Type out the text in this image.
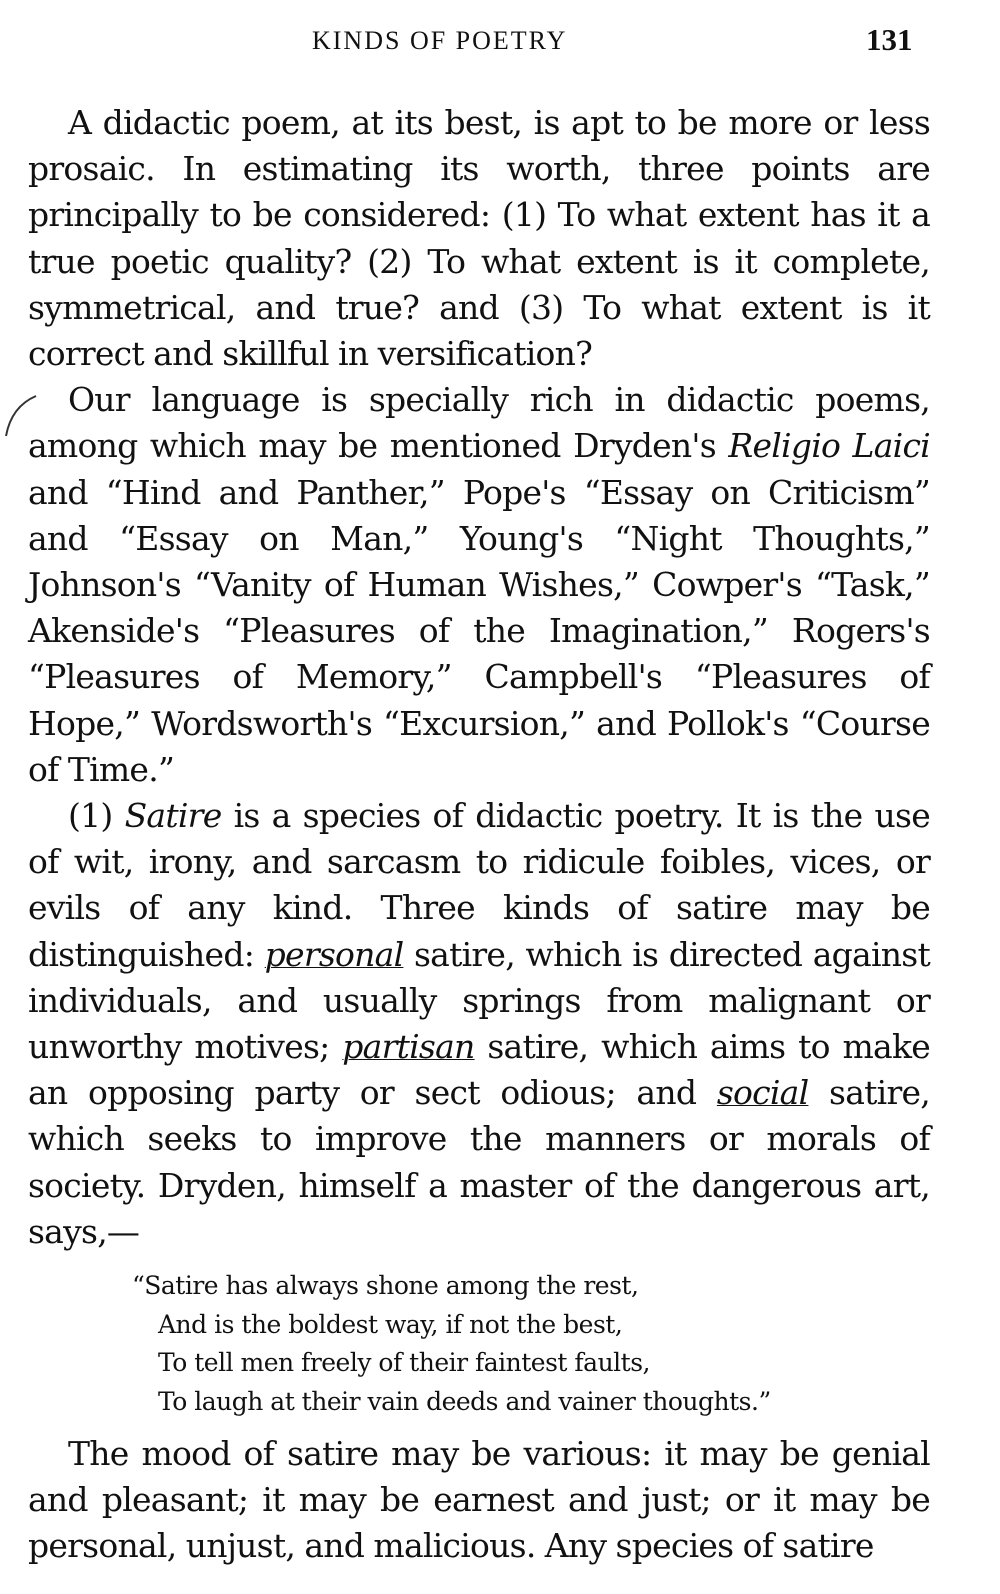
KINDS OF POETRY	131

A didactic poem, at its best, is apt to be more or less prosaic. In estimating its worth, three points are principally to be considered: (1) To what extent has it a true poetic quality? (2) To what extent is it complete, symmetrical, and true? and (3) To what extent is it correct and skillful in versification?

Our language is specially rich in didactic poems, among which may be mentioned Dryden's Religio Laici and “Hind and Panther,” Pope's “Essay on Criticism” and “Essay on Man,” Young's “Night Thoughts,” Johnson's “Vanity of Human Wishes,” Cowper's “Task,” Akenside's “Pleasures of the Imagination,” Rogers's “Pleasures of Memory,” Campbell's “Pleasures of Hope,” Wordsworth's “Excursion,” and Pollok's “Course of Time.”

(1) Satire is a species of didactic poetry. It is the use of wit, irony, and sarcasm to ridicule foibles, vices, or evils of any kind. Three kinds of satire may be distinguished: personal satire, which is directed against individuals, and usually springs from malignant or unworthy motives; partisan satire, which aims to make an opposing party or sect odious; and social satire, which seeks to improve the manners or morals of society. Dryden, himself a master of the dangerous art, says,—

“Satire has always shone among the rest,
And is the boldest way, if not the best,
To tell men freely of their faintest faults,
To laugh at their vain deeds and vainer thoughts.”

The mood of satire may be various: it may be genial and pleasant; it may be earnest and just; or it may be personal, unjust, and malicious. Any species of satire
